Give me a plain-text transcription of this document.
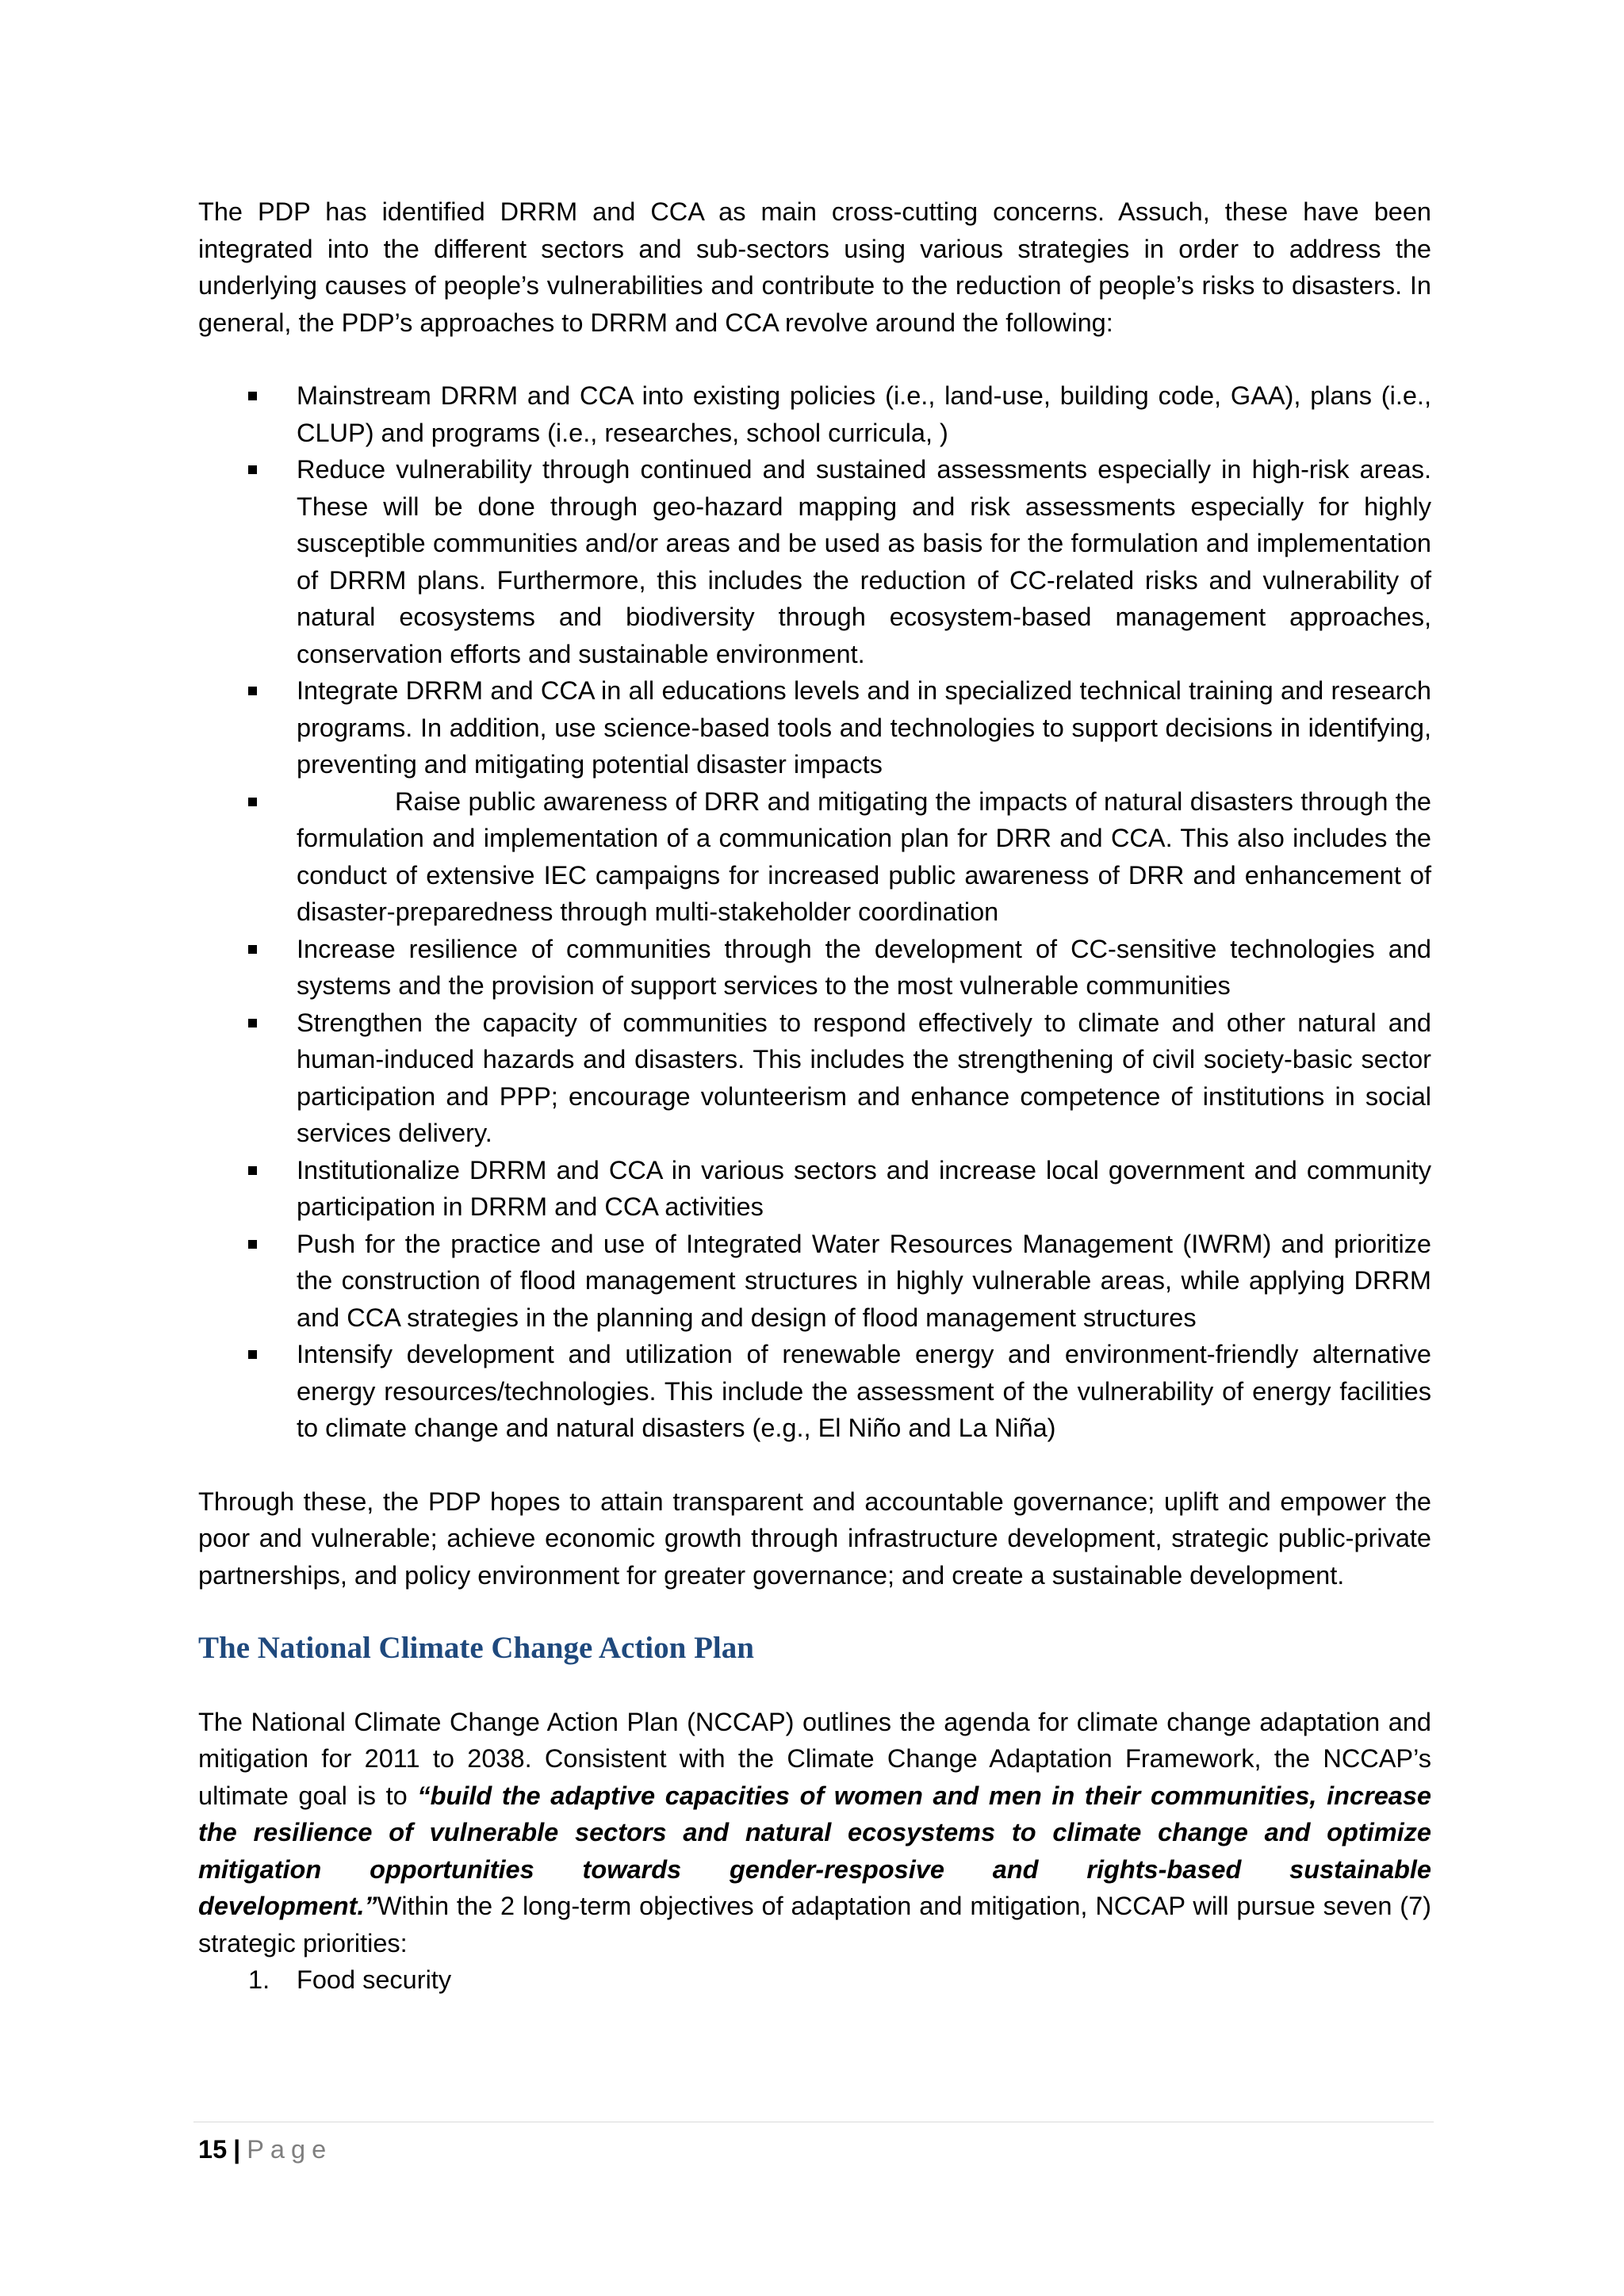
The PDP has identified DRRM and CCA as main cross-cutting concerns. Assuch, these have been integrated into the different sectors and sub-sectors using various strategies in order to address the underlying causes of people’s vulnerabilities and contribute to the reduction of people’s risks to disasters. In general, the PDP’s approaches to DRRM and CCA revolve around the following:

Mainstream DRRM and CCA into existing policies (i.e., land-use, building code, GAA), plans (i.e., CLUP) and programs (i.e., researches, school curricula, )
Reduce vulnerability through continued and sustained assessments especially in high-risk areas. These will be done through geo-hazard mapping and risk assessments especially for highly susceptible communities and/or areas and be used as basis for the formulation and implementation of DRRM plans. Furthermore, this includes the reduction of CC-related risks and vulnerability of natural ecosystems and biodiversity through ecosystem-based management approaches, conservation efforts and sustainable environment.
Integrate DRRM and CCA in all educations levels and in specialized technical training and research programs. In addition, use science-based tools and technologies to support decisions in identifying, preventing and mitigating potential disaster impacts
Raise public awareness of DRR and mitigating the impacts of natural disasters through the formulation and implementation of a communication plan for DRR and CCA. This also includes the conduct of extensive IEC campaigns for increased public awareness of DRR and enhancement of disaster-preparedness through multi-stakeholder coordination
Increase resilience of communities through the development of CC-sensitive technologies and systems and the provision of support services to the most vulnerable communities
Strengthen the capacity of communities to respond effectively to climate and other natural and human-induced hazards and disasters. This includes the strengthening of civil society-basic sector participation and PPP; encourage volunteerism and enhance competence of institutions in social services delivery.
Institutionalize DRRM and CCA in various sectors and increase local government and community participation in DRRM and CCA activities
Push for the practice and use of Integrated Water Resources Management (IWRM) and prioritize the construction of flood management structures in highly vulnerable areas, while applying DRRM and CCA strategies in the planning and design of flood management structures
Intensify development and utilization of renewable energy and environment-friendly alternative energy resources/technologies. This include the assessment of the vulnerability of energy facilities to climate change and natural disasters (e.g., El Niño and La Niña)

Through these, the PDP hopes to attain transparent and accountable governance; uplift and empower the poor and vulnerable; achieve economic growth through infrastructure development, strategic public-private partnerships, and policy environment for greater governance; and create a sustainable development.

The National Climate Change Action Plan

The National Climate Change Action Plan (NCCAP) outlines the agenda for climate change adaptation and mitigation for 2011 to 2038. Consistent with the Climate Change Adaptation Framework, the NCCAP’s ultimate goal is to “build the adaptive capacities of women and men in their communities, increase the resilience of vulnerable sectors and natural ecosystems to climate change and optimize mitigation opportunities towards gender-resposive and rights-based sustainable development.”Within the 2 long-term objectives of adaptation and mitigation, NCCAP will pursue seven (7) strategic priorities:

1. Food security
15 | Page
